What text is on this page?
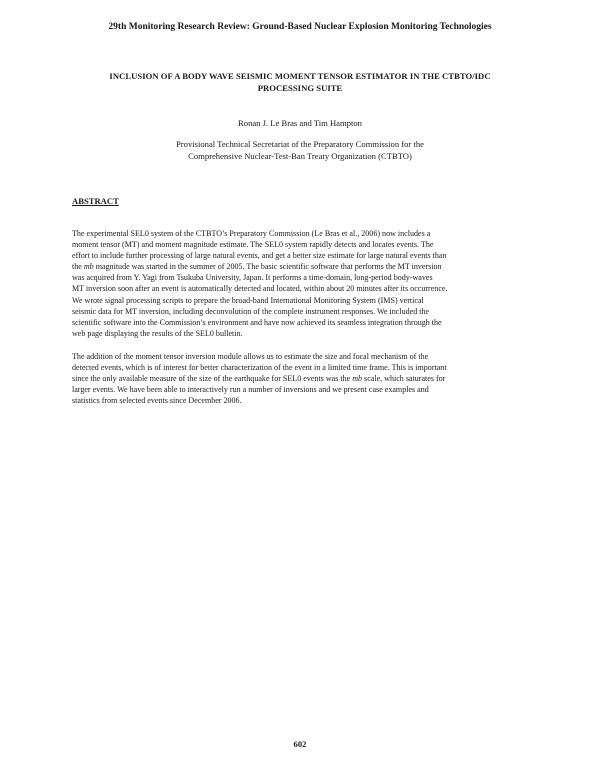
29th Monitoring Research Review: Ground-Based Nuclear Explosion Monitoring Technologies
INCLUSION OF A BODY WAVE SEISMIC MOMENT TENSOR ESTIMATOR IN THE CTBTO/IDC
PROCESSING SUITE
Ronan J. Le Bras and Tim Hampton
Provisional Technical Secretariat of the Preparatory Commission for the
Comprehensive Nuclear-Test-Ban Treaty Organization (CTBTO)
ABSTRACT

The experimental SEL0 system of the CTBTO’s Preparatory Commission (Le Bras et al., 2006) now includes a
moment tensor (MT) and moment magnitude estimate. The SEL0 system rapidly detects and locates events. The
effort to include further processing of large natural events, and get a better size estimate for large natural events than
the mb magnitude was started in the summer of 2005. The basic scientific software that performs the MT inversion
was acquired from Y. Yagi from Tsukuba University, Japan. It performs a time-domain, long-period body-waves
MT inversion soon after an event is automatically detected and located, within about 20 minutes after its occurrence.
We wrote signal processing scripts to prepare the broad-band International Monitoring System (IMS) vertical
seismic data for MT inversion, including deconvolution of the complete instrument responses. We included the
scientific software into the Commission’s environment and have now achieved its seamless integration through the
web page displaying the results of the SEL0 bulletin.

The addition of the moment tensor inversion module allows us to estimate the size and focal mechanism of the
detected events, which is of interest for better characterization of the event in a limited time frame. This is important
since the only available measure of the size of the earthquake for SEL0 events was the mb scale, which saturates for
larger events. We have been able to interactively run a number of inversions and we present case examples and
statistics from selected events since December 2006.

602
